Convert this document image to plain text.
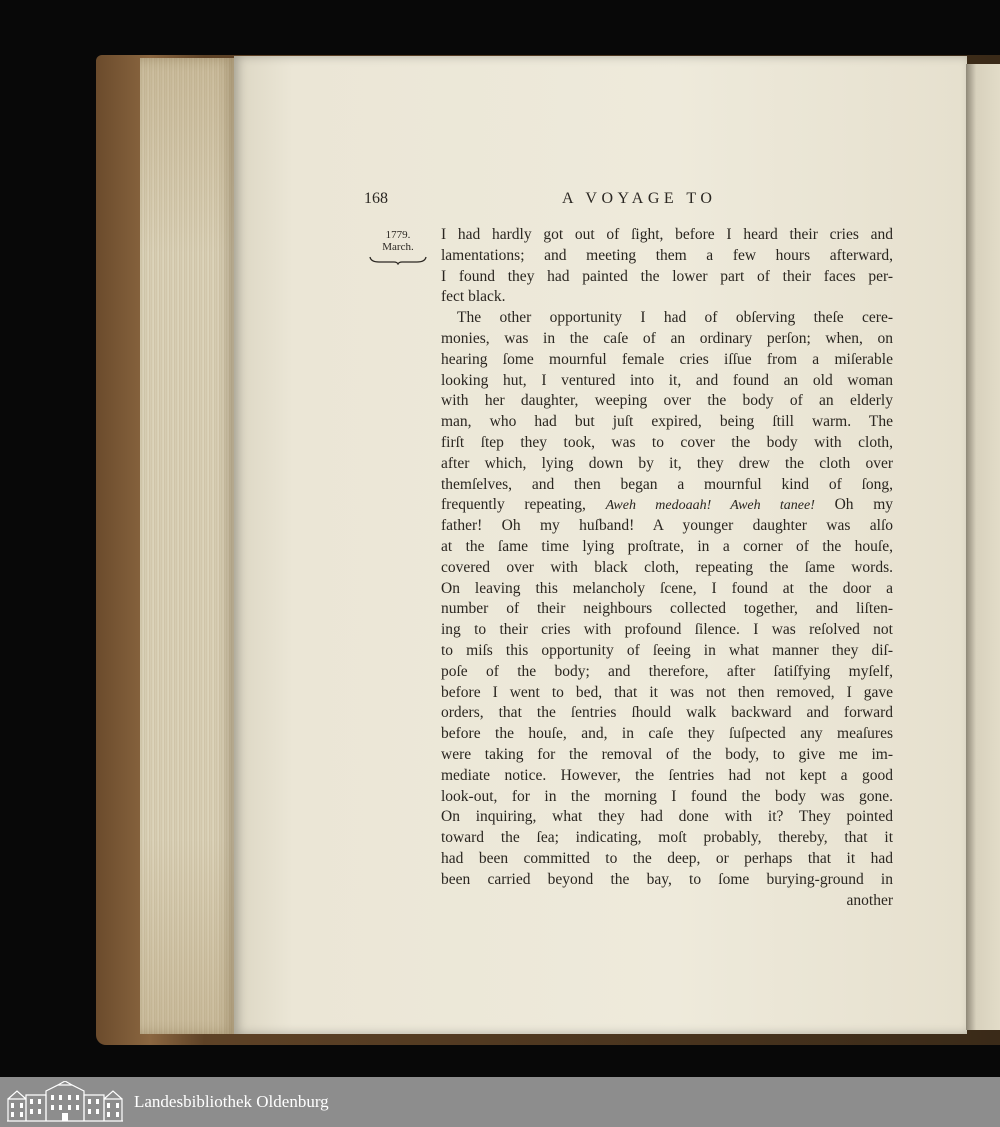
168	A VOYAGE TO
1779.
March.
I had hardly got out of ſight, before I heard their cries and
lamentations; and meeting them a few hours afterward,
I found they had painted the lower part of their faces per-
fect black.
The other opportunity I had of obſerving theſe cere-
monies, was in the caſe of an ordinary perſon; when, on
hearing ſome mournful female cries iſſue from a miſerable
looking hut, I ventured into it, and found an old woman
with her daughter, weeping over the body of an elderly
man, who had but juſt expired, being ſtill warm. The
firſt ſtep they took, was to cover the body with cloth,
after which, lying down by it, they drew the cloth over
themſelves, and then began a mournful kind of ſong,
frequently repeating, Aweh medoaah! Aweh tanee! Oh my
father! Oh my huſband! A younger daughter was alſo
at the ſame time lying proſtrate, in a corner of the houſe,
covered over with black cloth, repeating the ſame words.
On leaving this melancholy ſcene, I found at the door a
number of their neighbours collected together, and liſten-
ing to their cries with profound ſilence. I was reſolved not
to miſs this opportunity of ſeeing in what manner they diſ-
poſe of the body; and therefore, after ſatiſfying myſelf,
before I went to bed, that it was not then removed, I gave
orders, that the ſentries ſhould walk backward and forward
before the houſe, and, in caſe they ſuſpected any meaſures
were taking for the removal of the body, to give me im-
mediate notice. However, the ſentries had not kept a good
look-out, for in the morning I found the body was gone.
On inquiring, what they had done with it? They pointed
toward the ſea; indicating, moſt probably, thereby, that it
had been committed to the deep, or perhaps that it had
been carried beyond the bay, to ſome burying-ground in
another
Landesbibliothek Oldenburg
